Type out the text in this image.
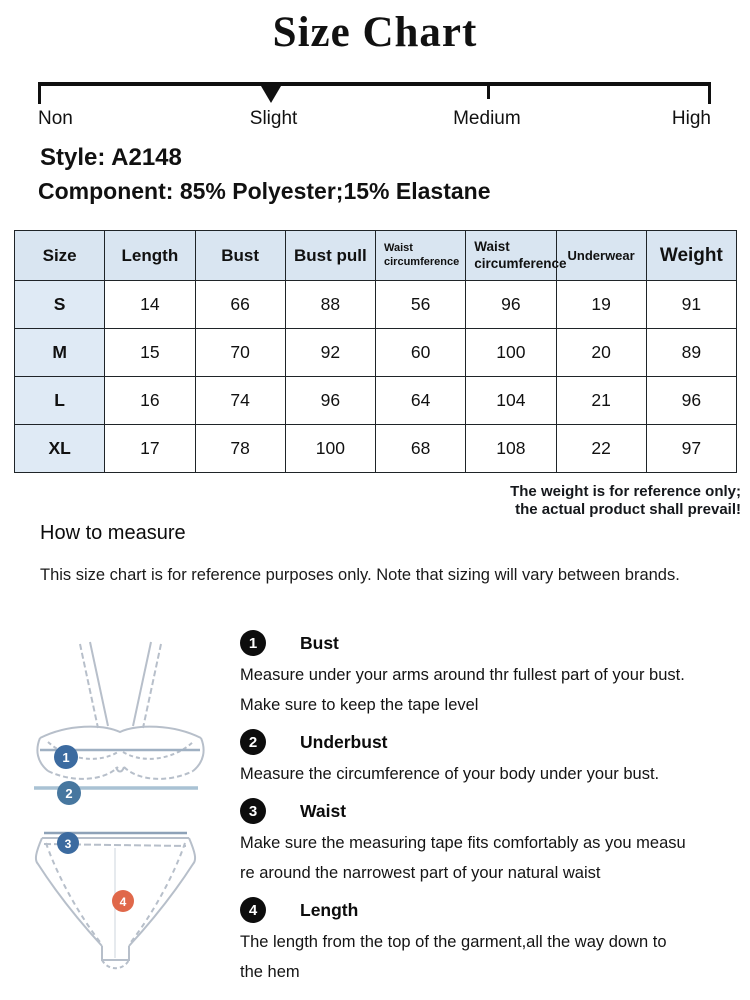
Size Chart
Non	Slight	Medium	High
Style: A2148
Component: 85% Polyester;15% Elastane
Size	Length	Bust	Bust pull	Waist circumference	Waist circumference	Underwear	Weight
S	14	66	88	56	96	19	91
M	15	70	92	60	100	20	89
L	16	74	96	64	104	21	96
XL	17	78	100	68	108	22	97
The weight is for reference only;
the actual product shall prevail!
How to measure
This size chart is for reference purposes only. Note that sizing will vary between brands.
1
2
3
4
1	Bust
Measure under your arms around thr fullest part of your bust.
Make sure to keep the tape level
2	Underbust
Measure the circumference of your body under your bust.
3	Waist
Make sure the measuring tape fits comfortably as you measu
re around the narrowest part of your natural waist
4	Length
The length from the top of the garment,all the way down to
the hem
